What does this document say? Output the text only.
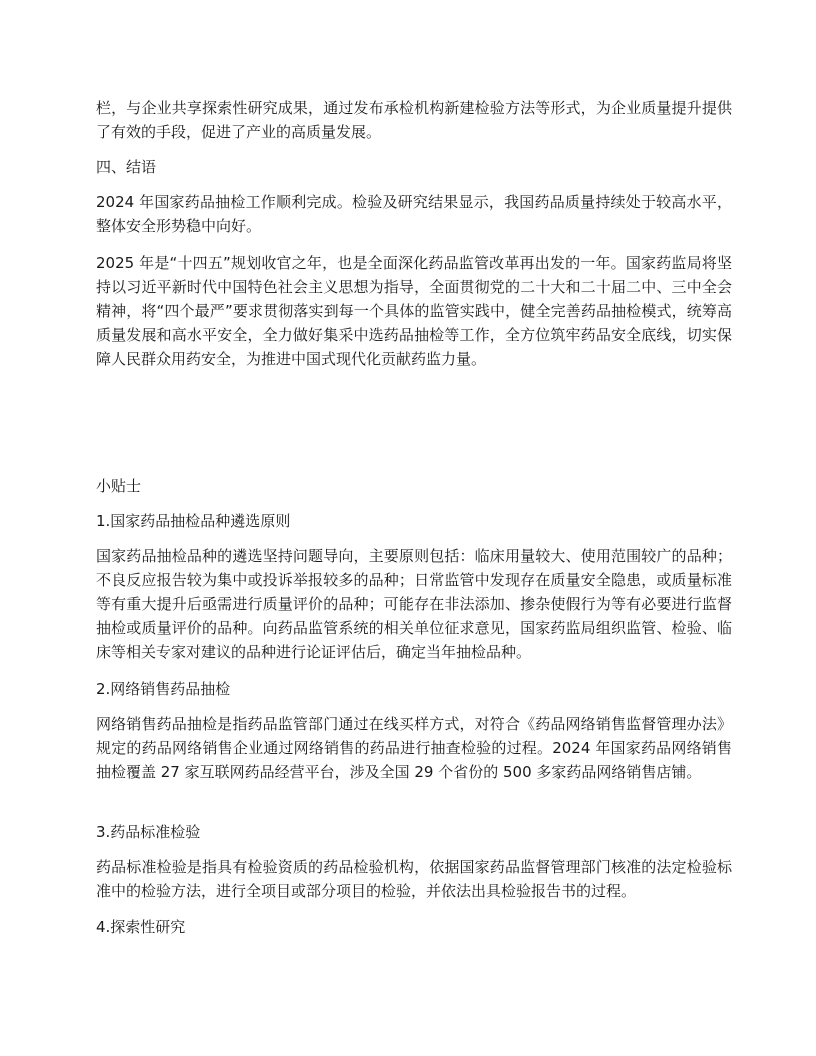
栏，与企业共享探索性研究成果，通过发布承检机构新建检验方法等形式，为企业质量提升提供了有效的手段，促进了产业的高质量发展。

四、结语

2024 年国家药品抽检工作顺利完成。检验及研究结果显示，我国药品质量持续处于较高水平，整体安全形势稳中向好。

2025 年是“十四五”规划收官之年，也是全面深化药品监管改革再出发的一年。国家药监局将坚持以习近平新时代中国特色社会主义思想为指导，全面贯彻党的二十大和二十届二中、三中全会精神，将“四个最严”要求贯彻落实到每一个具体的监管实践中，健全完善药品抽检模式，统筹高质量发展和高水平安全，全力做好集采中选药品抽检等工作，全方位筑牢药品安全底线，切实保障人民群众用药安全，为推进中国式现代化贡献药监力量。

小贴士

1.国家药品抽检品种遴选原则

国家药品抽检品种的遴选坚持问题导向，主要原则包括：临床用量较大、使用范围较广的品种；不良反应报告较为集中或投诉举报较多的品种；日常监管中发现存在质量安全隐患，或质量标准等有重大提升后亟需进行质量评价的品种；可能存在非法添加、掺杂使假行为等有必要进行监督抽检或质量评价的品种。向药品监管系统的相关单位征求意见，国家药监局组织监管、检验、临床等相关专家对建议的品种进行论证评估后，确定当年抽检品种。

2.网络销售药品抽检

网络销售药品抽检是指药品监管部门通过在线买样方式，对符合《药品网络销售监督管理办法》规定的药品网络销售企业通过网络销售的药品进行抽查检验的过程。2024 年国家药品网络销售抽检覆盖 27 家互联网药品经营平台，涉及全国 29 个省份的 500 多家药品网络销售店铺。

3.药品标准检验

药品标准检验是指具有检验资质的药品检验机构，依据国家药品监督管理部门核准的法定检验标准中的检验方法，进行全项目或部分项目的检验，并依法出具检验报告书的过程。

4.探索性研究
